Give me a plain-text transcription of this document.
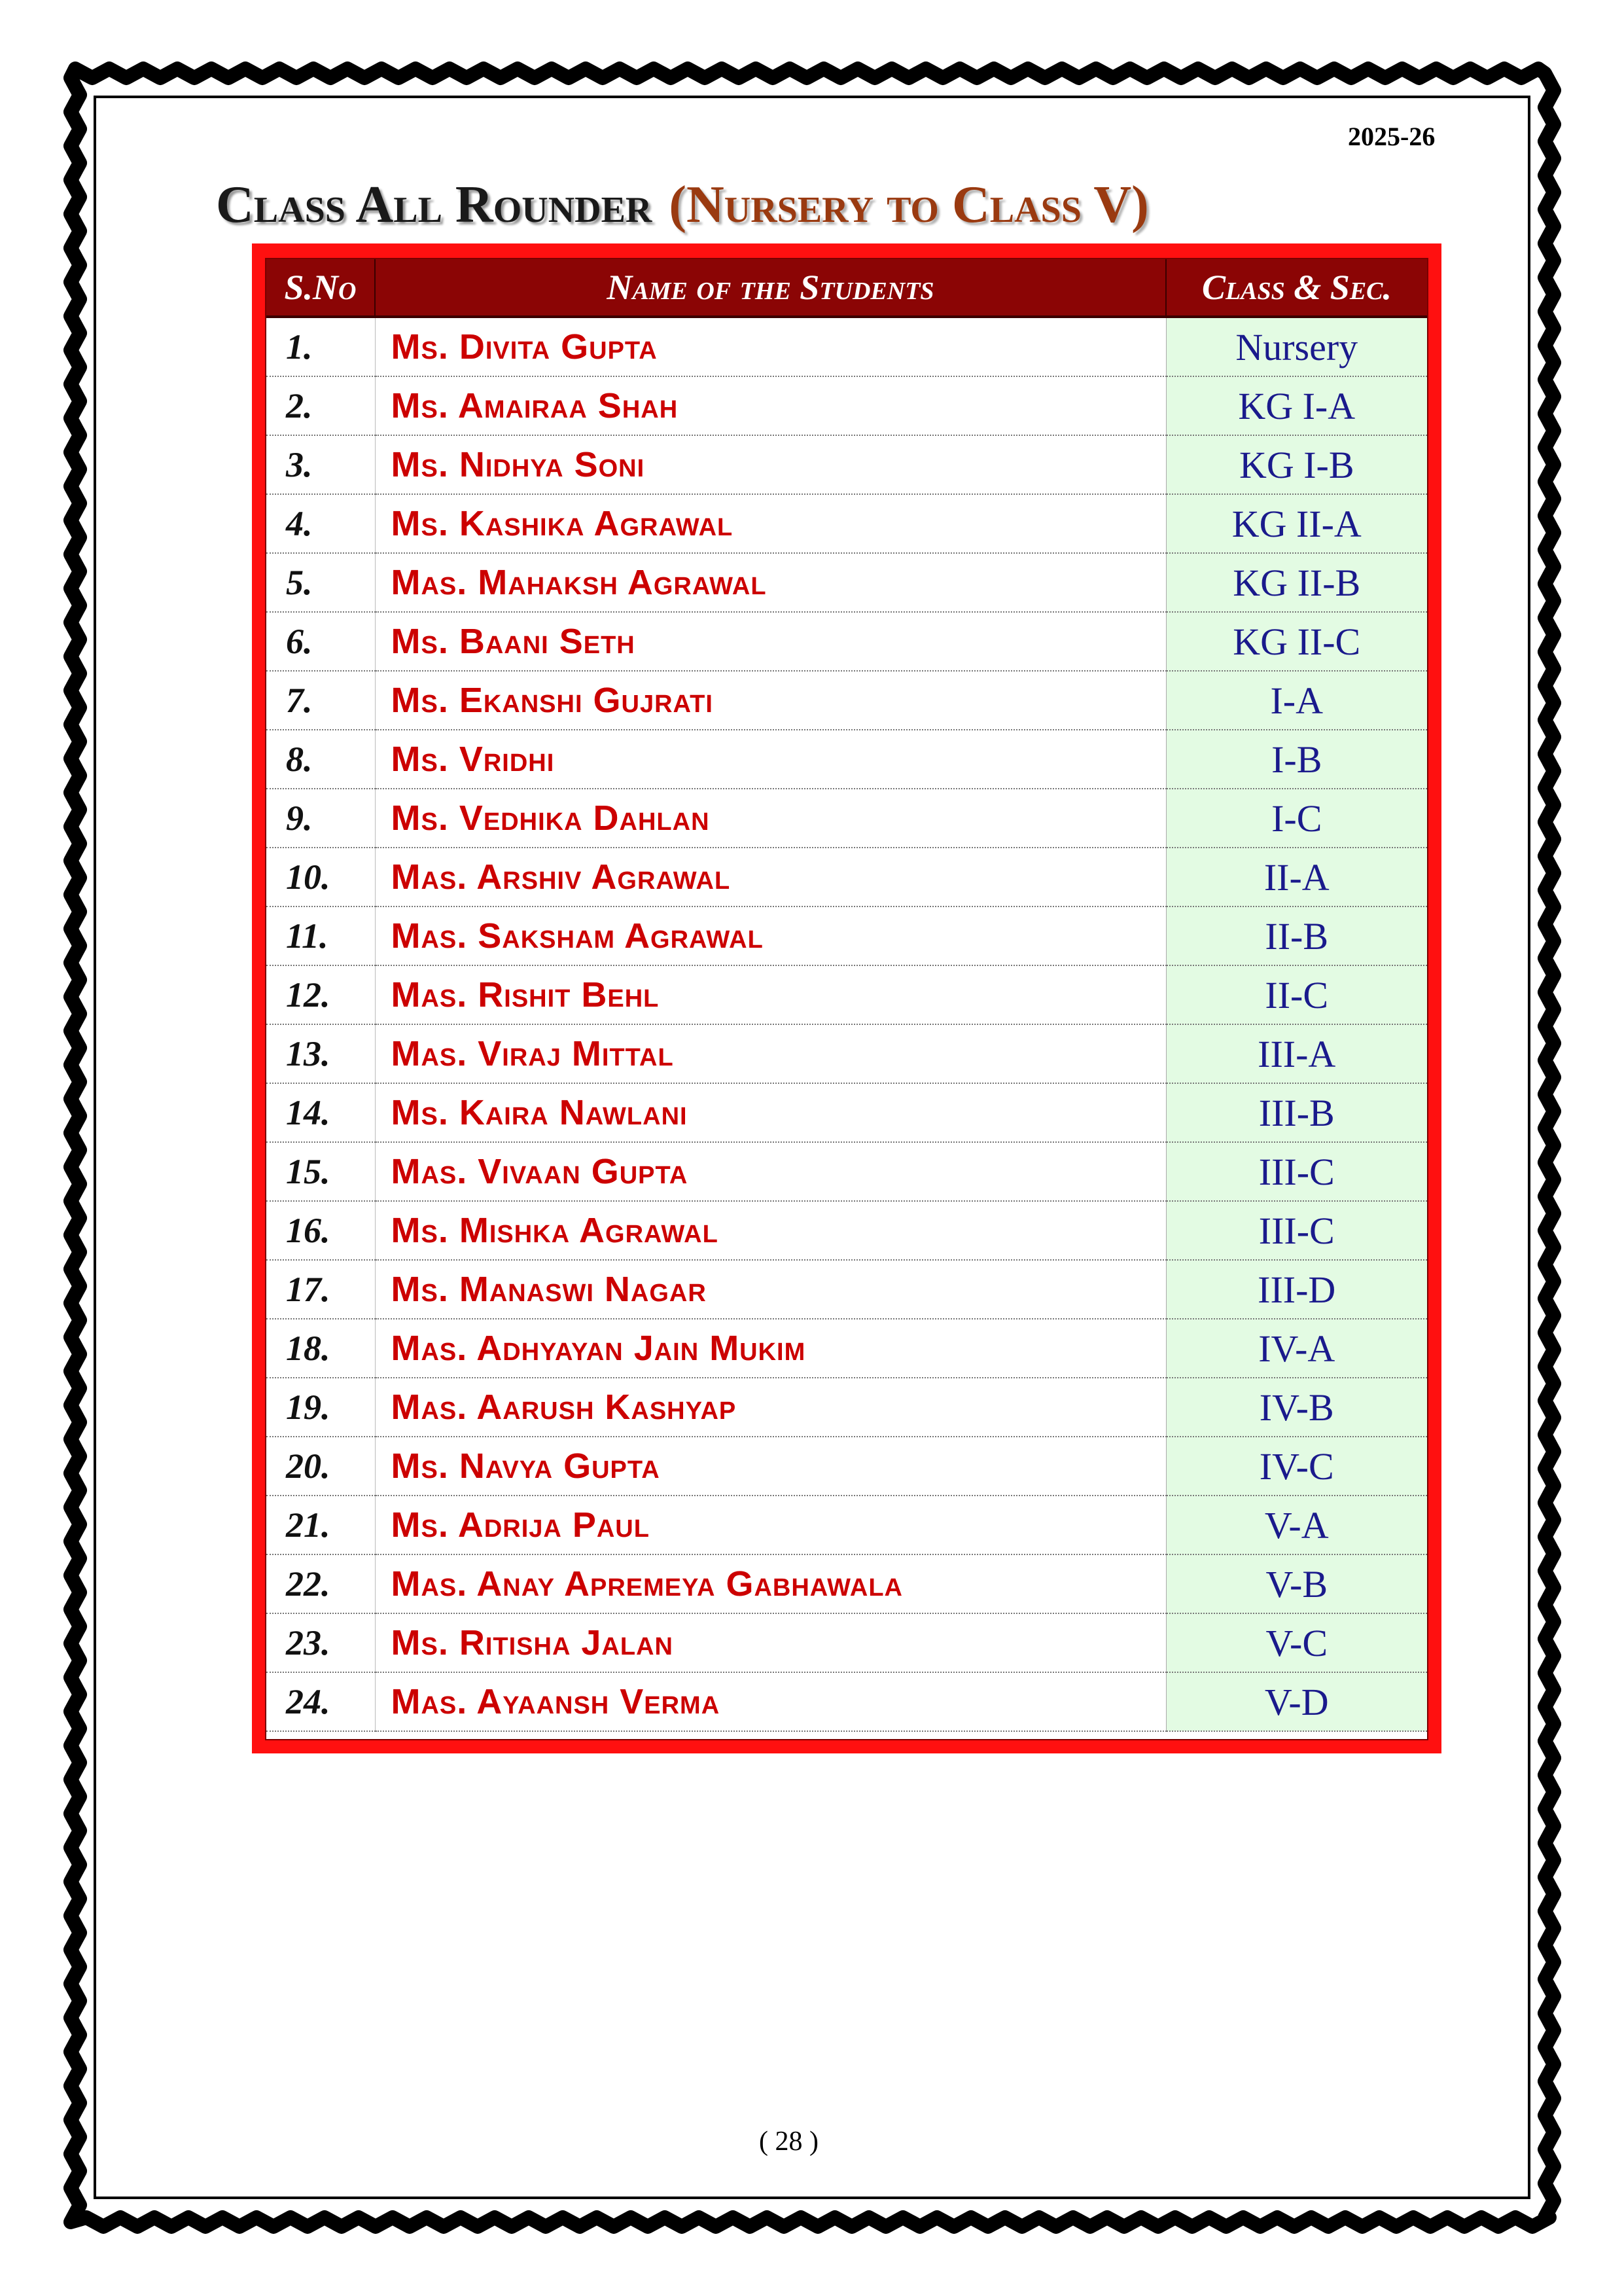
2025-26
Class All Rounder (Nursery to Class V)
S.No	Name of the Students	Class & Sec.
1.	Ms. Divita Gupta	Nursery
2.	Ms. Amairaa Shah	KG I-A
3.	Ms. Nidhya Soni	KG I-B
4.	Ms. Kashika Agrawal	KG II-A
5.	Mas. Mahaksh Agrawal	KG II-B
6.	Ms. Baani Seth	KG II-C
7.	Ms. Ekanshi Gujrati	I-A
8.	Ms. Vridhi	I-B
9.	Ms. Vedhika Dahlan	I-C
10.	Mas. Arshiv Agrawal	II-A
11.	Mas. Saksham Agrawal	II-B
12.	Mas. Rishit Behl	II-C
13.	Mas. Viraj Mittal	III-A
14.	Ms. Kaira Nawlani	III-B
15.	Mas. Vivaan Gupta	III-C
16.	Ms. Mishka Agrawal	III-C
17.	Ms. Manaswi Nagar	III-D
18.	Mas. Adhyayan Jain Mukim	IV-A
19.	Mas. Aarush Kashyap	IV-B
20.	Ms. Navya Gupta	IV-C
21.	Ms. Adrija Paul	V-A
22.	Mas. Anay Apremeya Gabhawala	V-B
23.	Ms. Ritisha Jalan	V-C
24.	Mas. Ayaansh Verma	V-D
( 28 )
